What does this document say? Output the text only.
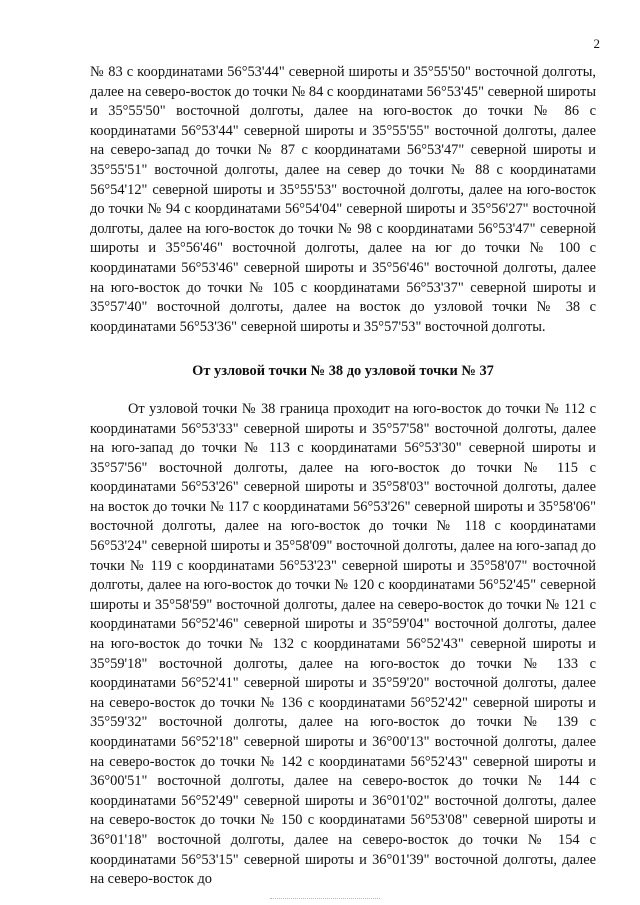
2

№ 83 с координатами 56°53'44" северной широты и 35°55'50" восточной долготы, далее на северо-восток до точки № 84 с координатами 56°53'45" северной широты и 35°55'50" восточной долготы, далее на юго-восток до точки № 86 с координатами 56°53'44" северной широты и 35°55'55" восточной долготы, далее на северо-запад до точки № 87 с координатами 56°53'47" северной широты и 35°55'51" восточной долготы, далее на север до точки № 88 с координатами 56°54'12" северной широты и 35°55'53" восточной долготы, далее на юго-восток до точки № 94 с координатами 56°54'04" северной широты и 35°56'27" восточной долготы, далее на юго-восток до точки № 98 с координатами 56°53'47" северной широты и 35°56'46" восточной долготы, далее на юг до точки № 100 с координатами 56°53'46" северной широты и 35°56'46" восточной долготы, далее на юго-восток до точки № 105 с координатами 56°53'37" северной широты и 35°57'40" восточной долготы, далее на восток до узловой точки № 38 с координатами 56°53'36" северной широты и 35°57'53" восточной долготы.

От узловой точки № 38 до узловой точки № 37

От узловой точки № 38 граница проходит на юго-восток до точки № 112 с координатами 56°53'33" северной широты и 35°57'58" восточной долготы, далее на юго-запад до точки № 113 с координатами 56°53'30" северной широты и 35°57'56" восточной долготы, далее на юго-восток до точки № 115 с координатами 56°53'26" северной широты и 35°58'03" восточной долготы, далее на восток до точки № 117 с координатами 56°53'26" северной широты и 35°58'06" восточной долготы, далее на юго-восток до точки № 118 с координатами 56°53'24" северной широты и 35°58'09" восточной долготы, далее на юго-запад до точки № 119 с координатами 56°53'23" северной широты и 35°58'07" восточной долготы, далее на юго-восток до точки № 120 с координатами 56°52'45" северной широты и 35°58'59" восточной долготы, далее на северо-восток до точки № 121 с координатами 56°52'46" северной широты и 35°59'04" восточной долготы, далее на юго-восток до точки № 132 с координатами 56°52'43" северной широты и 35°59'18" восточной долготы, далее на юго-восток до точки № 133 с координатами 56°52'41" северной широты и 35°59'20" восточной долготы, далее на северо-восток до точки № 136 с координатами 56°52'42" северной широты и 35°59'32" восточной долготы, далее на юго-восток до точки № 139 с координатами 56°52'18" северной широты и 36°00'13" восточной долготы, далее на северо-восток до точки № 142 с координатами 56°52'43" северной широты и 36°00'51" восточной долготы, далее на северо-восток до точки № 144 с координатами 56°52'49" северной широты и 36°01'02" восточной долготы, далее на северо-восток до точки № 150 с координатами 56°53'08" северной широты и 36°01'18" восточной долготы, далее на северо-восток до точки № 154 с координатами 56°53'15" северной широты и 36°01'39" восточной долготы, далее на северо-восток до
